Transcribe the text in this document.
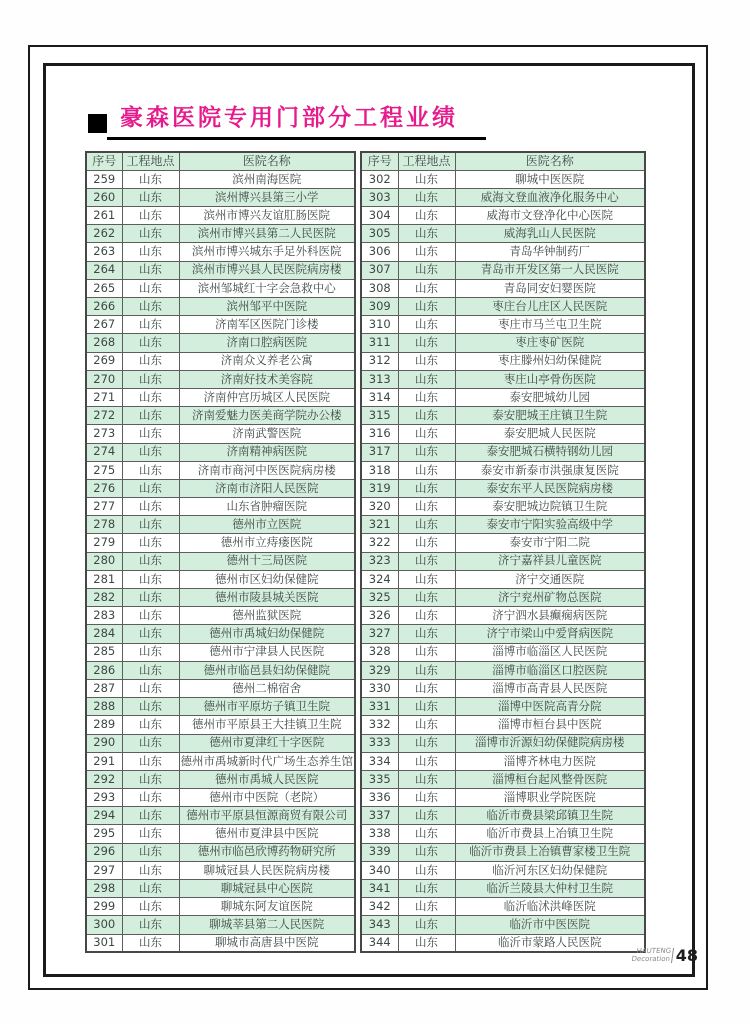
豪森医院专用门部分工程业绩
序号	工程地点	医院名称
259	山东	滨州南海医院
260	山东	滨州博兴县第三小学
261	山东	滨州市博兴友谊肛肠医院
262	山东	滨州市博兴县第二人民医院
263	山东	滨州市博兴城东手足外科医院
264	山东	滨州市博兴县人民医院病房楼
265	山东	滨州邹城红十字会急救中心
266	山东	滨州邹平中医院
267	山东	济南军区医院门诊楼
268	山东	济南口腔病医院
269	山东	济南众义养老公寓
270	山东	济南好技术美容院
271	山东	济南仲宫历城区人民医院
272	山东	济南爱魅力医美商学院办公楼
273	山东	济南武警医院
274	山东	济南精神病医院
275	山东	济南市商河中医医院病房楼
276	山东	济南市济阳人民医院
277	山东	山东省肿瘤医院
278	山东	德州市立医院
279	山东	德州市立痔瘘医院
280	山东	德州十三局医院
281	山东	德州市区妇幼保健院
282	山东	德州市陵县城关医院
283	山东	德州监狱医院
284	山东	德州市禹城妇幼保健院
285	山东	德州市宁津县人民医院
286	山东	德州市临邑县妇幼保健院
287	山东	德州二棉宿舍
288	山东	德州市平原坊子镇卫生院
289	山东	德州市平原县王大挂镇卫生院
290	山东	德州市夏津红十字医院
291	山东	德州市禹城新时代广场生态养生馆
292	山东	德州市禹城人民医院
293	山东	德州市中医院（老院）
294	山东	德州市平原县恒源商贸有限公司
295	山东	德州市夏津县中医院
296	山东	德州市临邑欣博药物研究所
297	山东	聊城冠县人民医院病房楼
298	山东	聊城冠县中心医院
299	山东	聊城东阿友谊医院
300	山东	聊城莘县第二人民医院
301	山东	聊城市高唐县中医院
序号	工程地点	医院名称
302	山东	聊城中医医院
303	山东	威海文登血液净化服务中心
304	山东	威海市文登净化中心医院
305	山东	威海乳山人民医院
306	山东	青岛华钟制药厂
307	山东	青岛市开发区第一人民医院
308	山东	青岛同安妇婴医院
309	山东	枣庄台儿庄区人民医院
310	山东	枣庄市马兰屯卫生院
311	山东	枣庄枣矿医院
312	山东	枣庄滕州妇幼保健院
313	山东	枣庄山亭骨伤医院
314	山东	泰安肥城幼儿园
315	山东	泰安肥城王庄镇卫生院
316	山东	泰安肥城人民医院
317	山东	泰安肥城石横特钢幼儿园
318	山东	泰安市新泰市洪强康复医院
319	山东	泰安东平人民医院病房楼
320	山东	泰安肥城边院镇卫生院
321	山东	泰安市宁阳实验高级中学
322	山东	泰安市宁阳二院
323	山东	济宁嘉祥县儿童医院
324	山东	济宁交通医院
325	山东	济宁兖州矿物总医院
326	山东	济宁泗水县癫痫病医院
327	山东	济宁市梁山中爱肾病医院
328	山东	淄博市临淄区人民医院
329	山东	淄博市临淄区口腔医院
330	山东	淄博市高青县人民医院
331	山东	淄博中医院高青分院
332	山东	淄博市桓台县中医院
333	山东	淄博市沂源妇幼保健院病房楼
334	山东	淄博齐林电力医院
335	山东	淄博桓台起风整骨医院
336	山东	淄博职业学院医院
337	山东	临沂市费县梁邱镇卫生院
338	山东	临沂市费县上冶镇卫生院
339	山东	临沂市费县上冶镇曹家楼卫生院
340	山东	临沂河东区妇幼保健院
341	山东	临沂兰陵县大仲村卫生院
342	山东	临沂临沭洪峰医院
343	山东	临沂市中医医院
344	山东	临沂市蒙路人民医院
HAUTENG
Decoration 48
